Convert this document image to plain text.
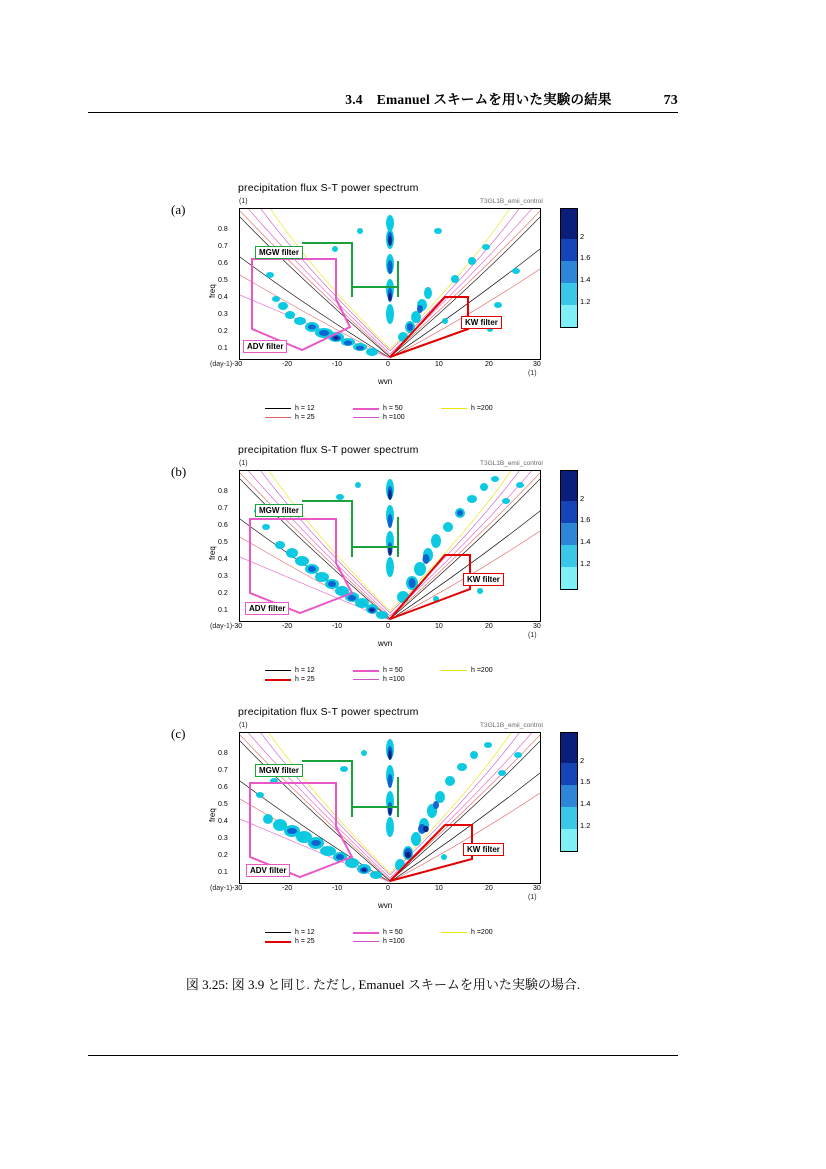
3.4 Emanuel スキームを用いた実験の結果	73
(a)
precipitation flux S-T power spectrum
(1)	T3GL1B_emii_control
MGW filter
ADV filter
KW filter
0.8
0.7
0.6
0.5
0.4
0.3
0.2
0.1
-30	-20	-10	0	10	20	30
(day-1)
(1)
wvn
freq
2
1.6
1.4
1.2
h = 12	h = 50	h =200
h = 25	h =100
(b)
precipitation flux S-T power spectrum
(1)	T3GL1B_emii_control
MGW filter
ADV filter
KW filter
0.8
0.7
0.6
0.5
0.4
0.3
0.2
0.1
-30	-20	-10	0	10	20	30
(day-1)
(1)
wvn
freq
2
1.6
1.4
1.2
h = 12	h = 50	h =200
h = 25	h =100
(c)
precipitation flux S-T power spectrum
(1)	T3GL1B_emii_control
MGW filter
ADV filter
KW filter
0.8
0.7
0.6
0.5
0.4
0.3
0.2
0.1
-30	-20	-10	0	10	20	30
(day-1)
(1)
wvn
freq
2
1.5
1.4
1.2
h = 12	h = 50	h =200
h = 25	h =100
図 3.25: 図 3.9 と同じ. ただし, Emanuel スキームを用いた実験の場合.
